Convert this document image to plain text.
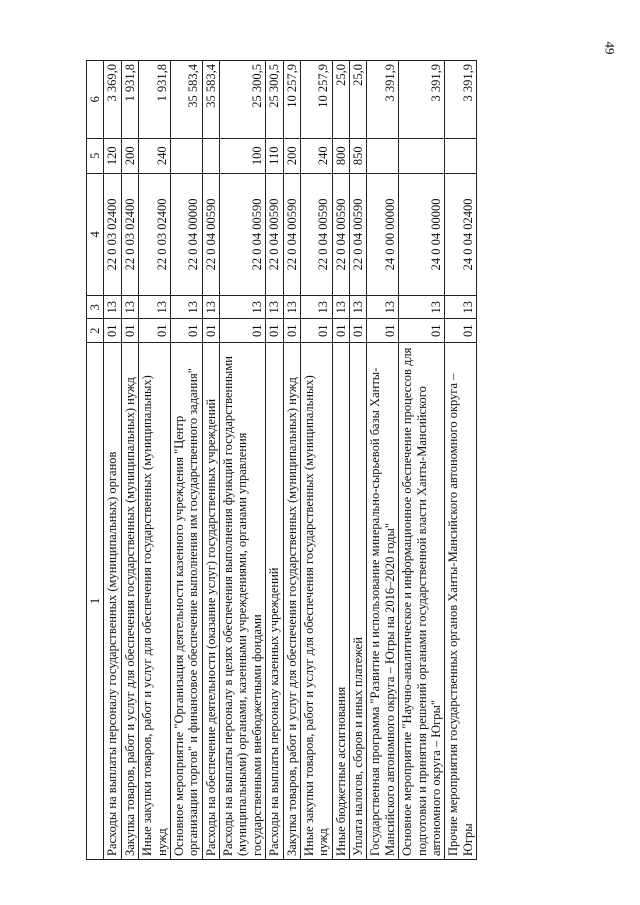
49
1	2	3	4	5	6
Расходы на выплаты персоналу государственных (муниципальных) органов	01	13	22 0 03 02400	120	3 369,0
Закупка товаров, работ и услуг для обеспечения государственных (муниципальных) нужд	01	13	22 0 03 02400	200	1 931,8
Иные закупки товаров, работ и услуг для обеспечения государственных (муниципальных) нужд	01	13	22 0 03 02400	240	1 931,8
Основное мероприятие "Организация деятельности казенного учреждения "Центр организации торгов" и финансовое обеспечение выполнения им государственного задания"	01	13	22 0 04 00000		35 583,4
Расходы на обеспечение деятельности (оказание услуг) государственных учреждений	01	13	22 0 04 00590		35 583,4
Расходы на выплаты персоналу в целях обеспечения выполнения функций государственными (муниципальными) органами, казенными учреждениями, органами управления государственными внебюджетными фондами	01	13	22 0 04 00590	100	25 300,5
Расходы на выплаты персоналу казенных учреждений	01	13	22 0 04 00590	110	25 300,5
Закупка товаров, работ и услуг для обеспечения государственных (муниципальных) нужд	01	13	22 0 04 00590	200	10 257,9
Иные закупки товаров, работ и услуг для обеспечения государственных (муниципальных) нужд	01	13	22 0 04 00590	240	10 257,9
Иные бюджетные ассигнования	01	13	22 0 04 00590	800	25,0
Уплата налогов, сборов и иных платежей	01	13	22 0 04 00590	850	25,0
Государственная программа "Развитие и использование минерально-сырьевой базы Ханты-Мансийского автономного округа – Югры на 2016–2020 годы"	01	13	24 0 00 00000		3 391,9
Основное мероприятие "Научно-аналитическое и информационное обеспечение процессов для подготовки и принятия решений органами государственной власти Ханты-Мансийского автономного округа – Югры"	01	13	24 0 04 00000		3 391,9
Прочие мероприятия государственных органов Ханты-Мансийского автономного округа – Югры	01	13	24 0 04 02400		3 391,9
